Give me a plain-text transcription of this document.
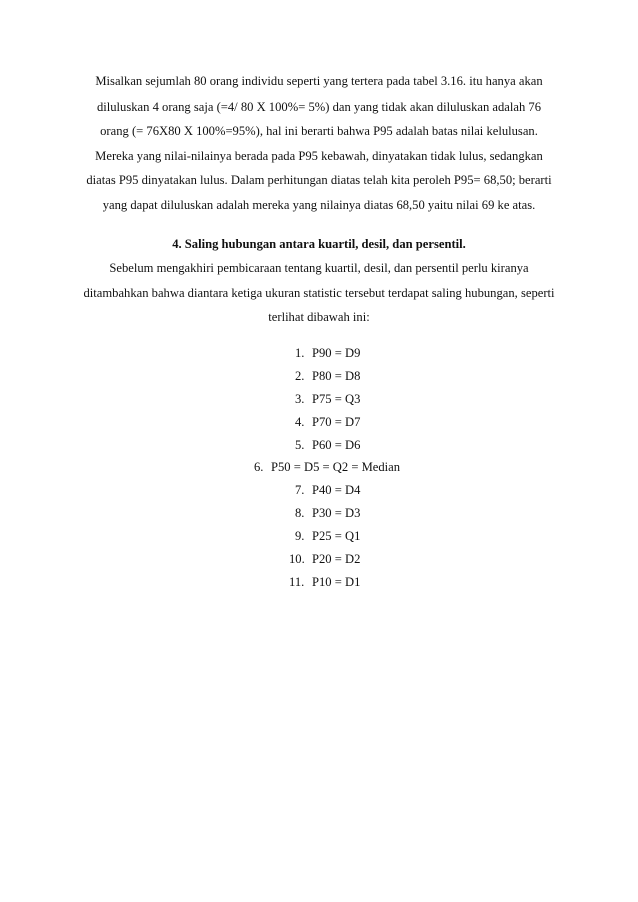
Misalkan sejumlah 80 orang individu seperti yang tertera pada tabel 3.16. itu hanya akan
diluluskan 4 orang saja (=4/ 80 X 100%= 5%) dan yang tidak akan diluluskan adalah 76
orang (= 76X80 X 100%=95%), hal ini berarti bahwa P95 adalah batas nilai kelulusan.
Mereka yang nilai-nilainya berada pada P95 kebawah, dinyatakan tidak lulus, sedangkan
diatas P95 dinyatakan lulus. Dalam perhitungan diatas telah kita peroleh P95= 68,50; berarti
yang dapat diluluskan adalah mereka yang nilainya diatas 68,50 yaitu nilai 69 ke atas.
4. Saling hubungan antara kuartil, desil, dan persentil.
Sebelum mengakhiri pembicaraan tentang kuartil, desil, dan persentil perlu kiranya
ditambahkan bahwa diantara ketiga ukuran statistic tersebut terdapat saling hubungan, seperti
terlihat dibawah ini:
1. P90 = D9
2. P80 = D8
3. P75 = Q3
4. P70 = D7
5. P60 = D6
6. P50 = D5 = Q2 = Median
7. P40 = D4
8. P30 = D3
9. P25 = Q1
10. P20 = D2
11. P10 = D1
